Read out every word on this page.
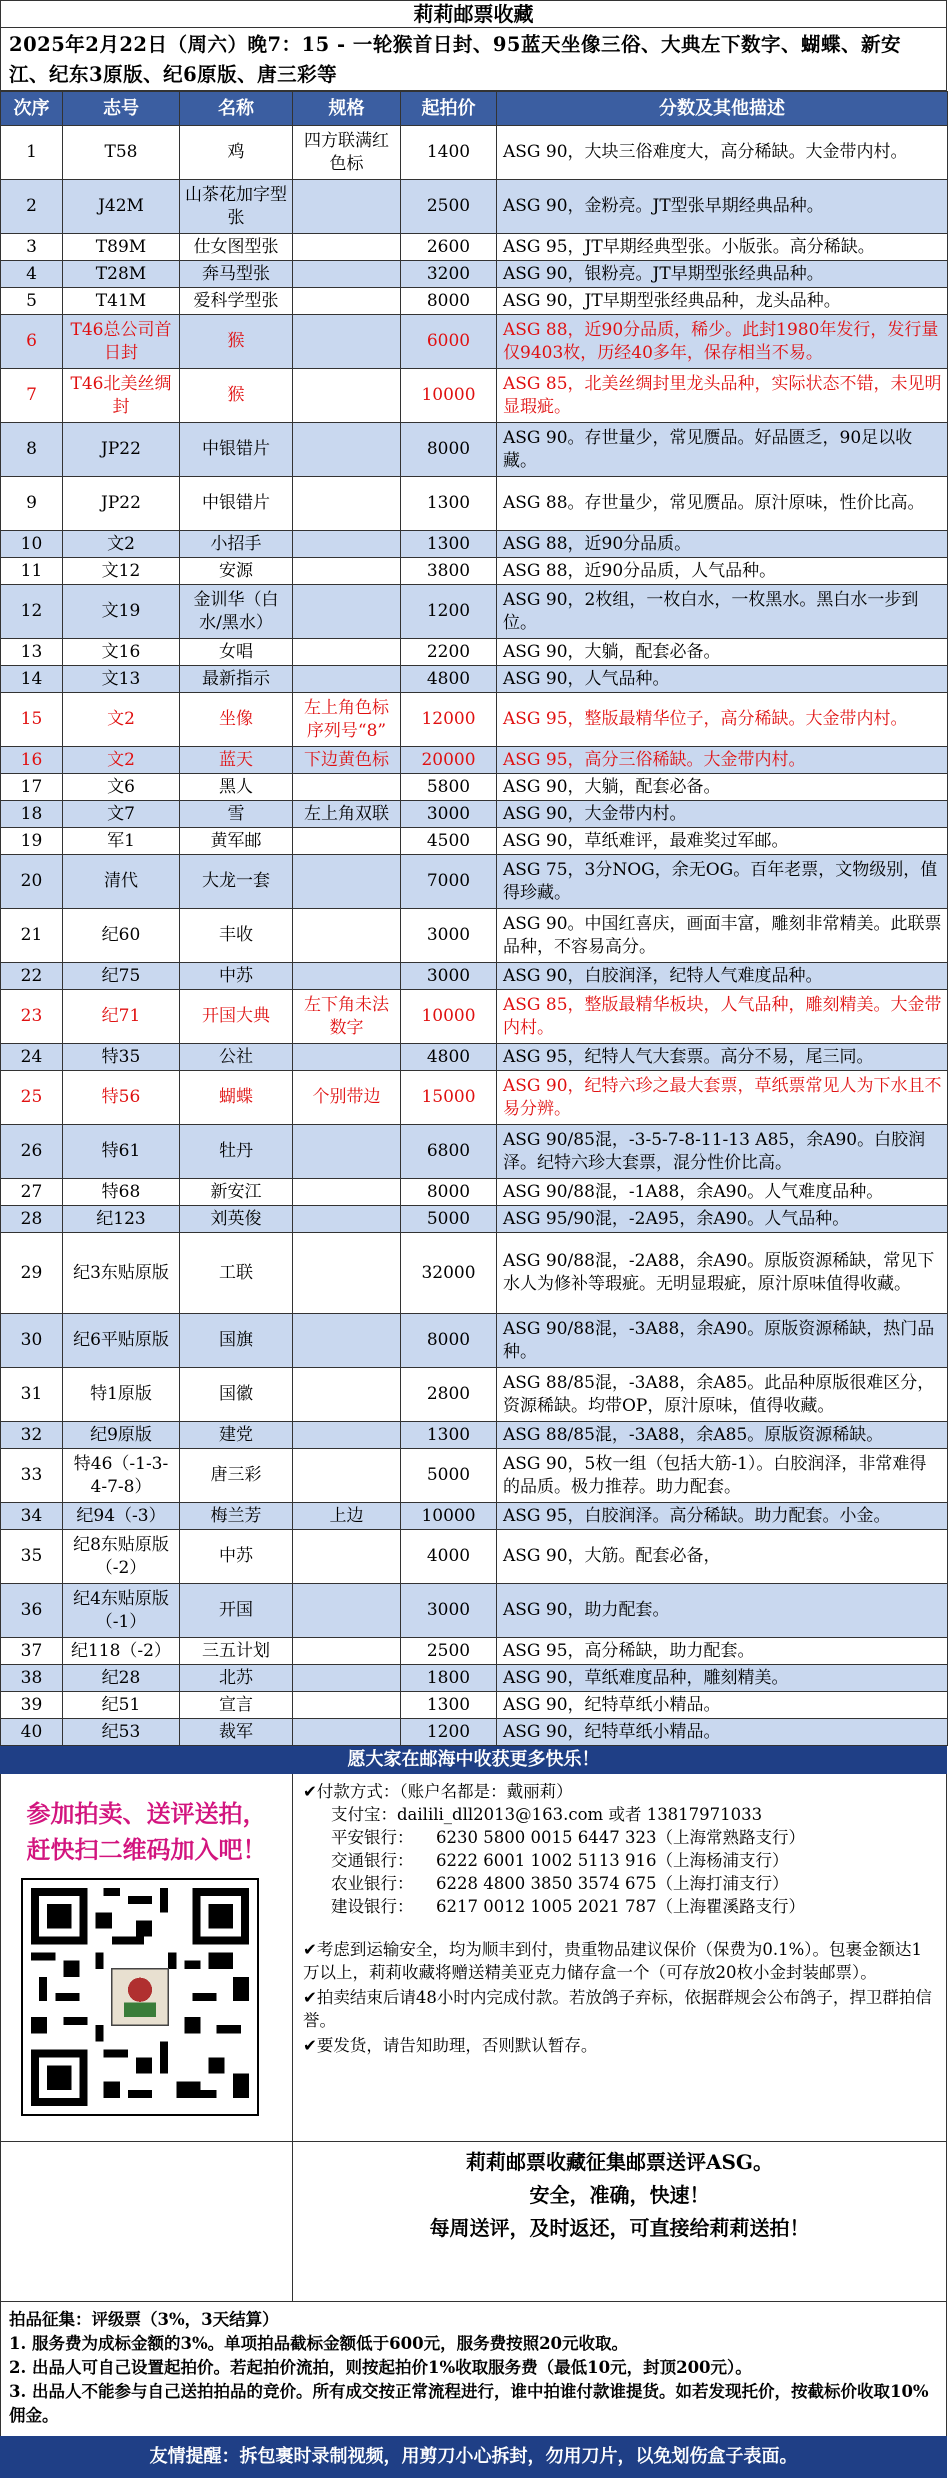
莉莉邮票收藏
2025年2月22日（周六）晚7：15 - 一轮猴首日封、95蓝天坐像三俗、大典左下数字、蝴蝶、新安江、纪东3原版、纪6原版、唐三彩等
次序	志号	名称	规格	起拍价	分数及其他描述
1	T58	鸡	四方联满红色标	1400	ASG 90，大块三俗难度大，高分稀缺。大金带内村。
2	J42M	山茶花加字型张		2500	ASG 90，金粉亮。JT型张早期经典品种。
3	T89M	仕女图型张		2600	ASG 95，JT早期经典型张。小版张。高分稀缺。
4	T28M	奔马型张		3200	ASG 90，银粉亮。JT早期型张经典品种。
5	T41M	爱科学型张		8000	ASG 90，JT早期型张经典品种，龙头品种。
6	T46总公司首日封	猴		6000	ASG 88，近90分品质，稀少。此封1980年发行，发行量仅9403枚，历经40多年，保存相当不易。
7	T46北美丝绸封	猴		10000	ASG 85，北美丝绸封里龙头品种，实际状态不错，未见明显瑕疵。
8	JP22	中银错片		8000	ASG 90。存世量少，常见赝品。好品匮乏，90足以收藏。
9	JP22	中银错片		1300	ASG 88。存世量少，常见赝品。原汁原味，性价比高。
10	文2	小招手		1300	ASG 88，近90分品质。
11	文12	安源		3800	ASG 88，近90分品质，人气品种。
12	文19	金训华（白水/黑水）		1200	ASG 90，2枚组，一枚白水，一枚黑水。黑白水一步到位。
13	文16	女唱		2200	ASG 90，大躺，配套必备。
14	文13	最新指示		4800	ASG 90，人气品种。
15	文2	坐像	左上角色标序列号“8”	12000	ASG 95，整版最精华位子，高分稀缺。大金带内村。
16	文2	蓝天	下边黄色标	20000	ASG 95，高分三俗稀缺。大金带内村。
17	文6	黑人		5800	ASG 90，大躺，配套必备。
18	文7	雪	左上角双联	3000	ASG 90，大金带内村。
19	军1	黄军邮		4500	ASG 90，草纸难评，最难奖过军邮。
20	清代	大龙一套		7000	ASG 75，3分NOG，余无OG。百年老票，文物级别，值得珍藏。
21	纪60	丰收		3000	ASG 90。中国红喜庆，画面丰富，雕刻非常精美。此联票品种，不容易高分。
22	纪75	中苏		3000	ASG 90，白胶润泽，纪特人气难度品种。
23	纪71	开国大典	左下角未法数字	10000	ASG 85，整版最精华板块，人气品种，雕刻精美。大金带内村。
24	特35	公社		4800	ASG 95，纪特人气大套票。高分不易，尾三同。
25	特56	蝴蝶	个别带边	15000	ASG 90，纪特六珍之最大套票，草纸票常见人为下水且不易分辨。
26	特61	牡丹		6800	ASG 90/85混，-3-5-7-8-11-13 A85，余A90。白胶润泽。纪特六珍大套票，混分性价比高。
27	特68	新安江		8000	ASG 90/88混，-1A88，余A90。人气难度品种。
28	纪123	刘英俊		5000	ASG 95/90混，-2A95，余A90。人气品种。
29	纪3东贴原版	工联		32000	ASG 90/88混，-2A88，余A90。原版资源稀缺，常见下水人为修补等瑕疵。无明显瑕疵，原汁原味值得收藏。
30	纪6平贴原版	国旗		8000	ASG 90/88混，-3A88，余A90。原版资源稀缺，热门品种。
31	特1原版	国徽		2800	ASG 88/85混，-3A88，余A85。此品种原版很难区分，资源稀缺。均带OP，原汁原味，值得收藏。
32	纪9原版	建党		1300	ASG 88/85混，-3A88，余A85。原版资源稀缺。
33	特46（-1-3-4-7-8）	唐三彩		5000	ASG 90，5枚一组（包括大筋-1）。白胶润泽，非常难得的品质。极力推荐。助力配套。
34	纪94（-3）	梅兰芳	上边	10000	ASG 95，白胶润泽。高分稀缺。助力配套。小金。
35	纪8东贴原版（-2）	中苏		4000	ASG 90，大筋。配套必备，
36	纪4东贴原版（-1）	开国		3000	ASG 90，助力配套。
37	纪118（-2）	三五计划		2500	ASG 95，高分稀缺，助力配套。
38	纪28	北苏		1800	ASG 90，草纸难度品种，雕刻精美。
39	纪51	宣言		1300	ASG 90，纪特草纸小精品。
40	纪53	裁军		1200	ASG 90，纪特草纸小精品。
愿大家在邮海中收获更多快乐！
参加拍卖、送评送拍，
赶快扫二维码加入吧！
✔付款方式：（账户名都是：戴丽莉）
支付宝：dailili_dll2013@163.com 或者 13817971033
平安银行：	6230 5800 0015 6447 323（上海常熟路支行）
交通银行：	6222 6001 1002 5113 916（上海杨浦支行）
农业银行：	6228 4800 3850 3574 675（上海打浦支行）
建设银行：	6217 0012 1005 2021 787（上海瞿溪路支行）

✔考虑到运输安全，均为顺丰到付，贵重物品建议保价（保费为0.1%）。包裹金额达1万以上，莉莉收藏将赠送精美亚克力储存盒一个（可存放20枚小金封装邮票）。

✔拍卖结束后请48小时内完成付款。若放鸽子弃标，依据群规会公布鸽子，捍卫群拍信誉。

✔要发货，请告知助理，否则默认暂存。

莉莉邮票收藏征集邮票送评ASG。
安全，准确，快速！
每周送评，及时返还，可直接给莉莉送拍！
拍品征集：评级票（3%，3天结算）
1. 服务费为成标金额的3%。单项拍品截标金额低于600元，服务费按照20元收取。
2. 出品人可自己设置起拍价。若起拍价流拍，则按起拍价1%收取服务费（最低10元，封顶200元）。
3. 出品人不能参与自己送拍拍品的竞价。所有成交按正常流程进行，谁中拍谁付款谁提货。如若发现托价，按截标价收取10%佣金。
友情提醒：拆包裹时录制视频，用剪刀小心拆封，勿用刀片，以免划伤盒子表面。
